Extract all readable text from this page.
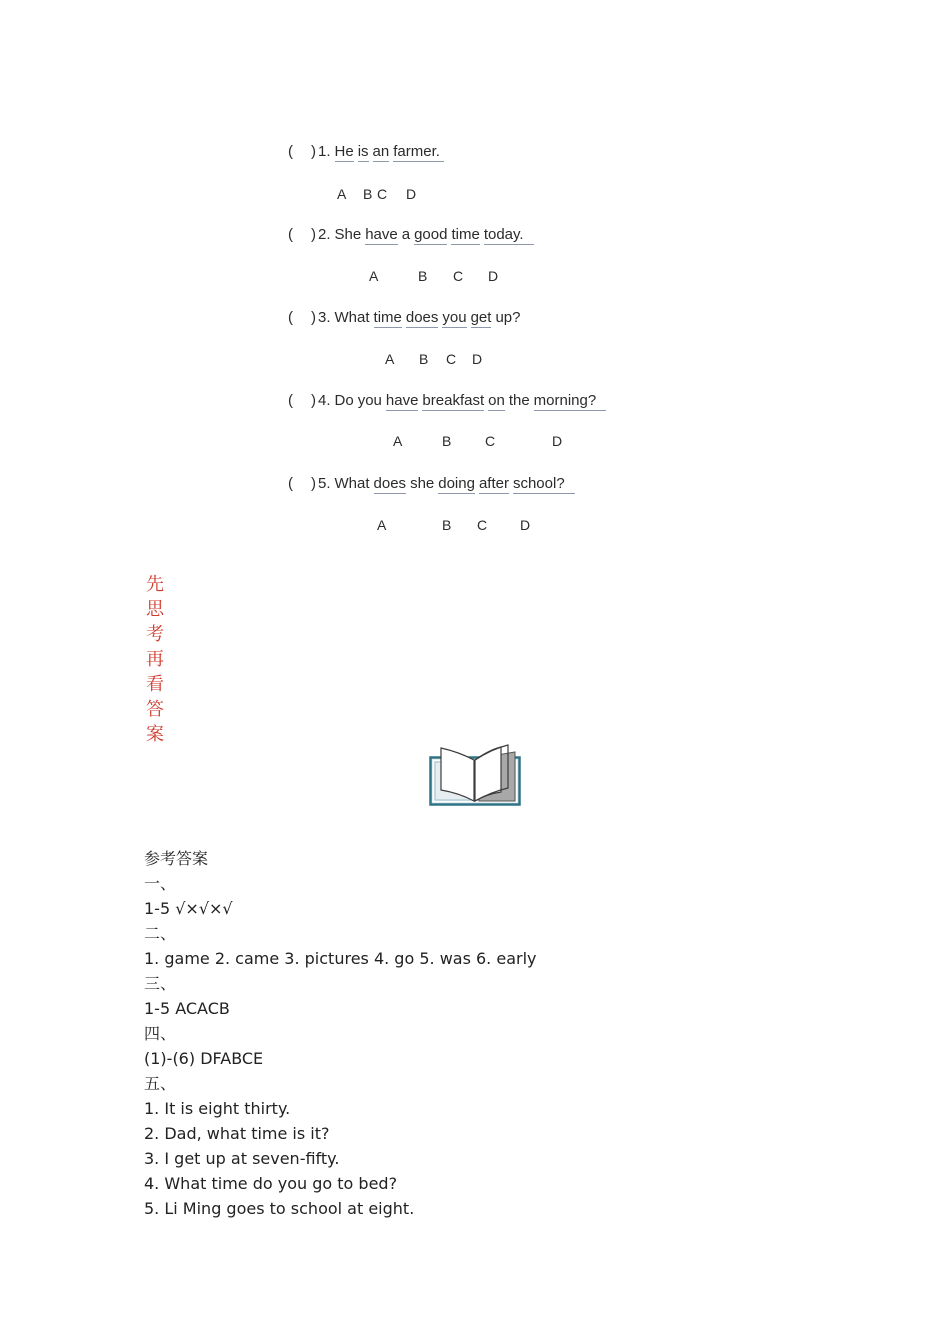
( ) 1. He is an farmer.
A B C D
( ) 2. She have a good time today.
A	B C D
( ) 3. What time does you get up?
A B C D
( ) 4. Do you have breakfast on the morning?
A	B C	D
( ) 5. What does she doing after school?
A	B C D
先
思
考
再
看
答
案
参考答案
一、
1-5 √×√×√
二、
1. game 2. came 3. pictures 4. go 5. was 6. early
三、
1-5 ACACB
四、
(1)-(6) DFABCE
五、
1. It is eight thirty.
2. Dad, what time is it?
3. I get up at seven-fifty.
4. What time do you go to bed?
5. Li Ming goes to school at eight.
